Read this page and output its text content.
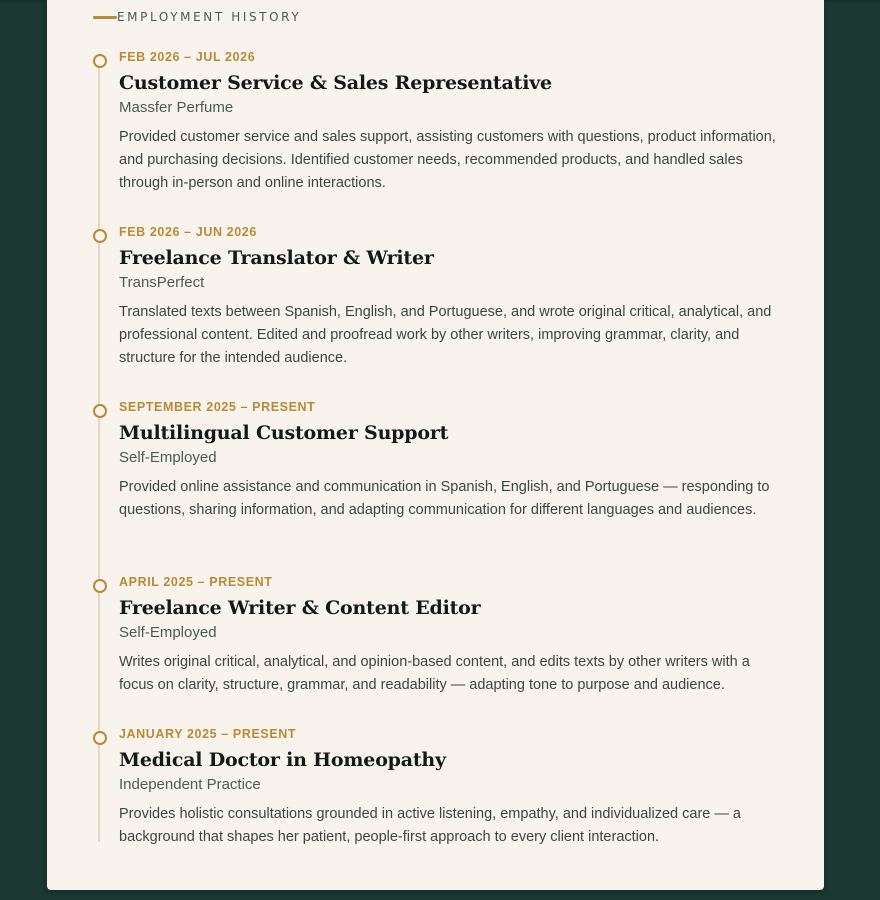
EMPLOYMENT HISTORY
FEB 2026 – JUL 2026
Customer Service & Sales Representative
Massfer Perfume
Provided customer service and sales support, assisting customers with questions, product information, and purchasing decisions. Identified customer needs, recommended products, and handled sales through in-person and online interactions.
FEB 2026 – JUN 2026
Freelance Translator & Writer
TransPerfect
Translated texts between Spanish, English, and Portuguese, and wrote original critical, analytical, and professional content. Edited and proofread work by other writers, improving grammar, clarity, and structure for the intended audience.
SEPTEMBER 2025 – PRESENT
Multilingual Customer Support
Self-Employed
Provided online assistance and communication in Spanish, English, and Portuguese — responding to questions, sharing information, and adapting communication for different languages and audiences.
APRIL 2025 – PRESENT
Freelance Writer & Content Editor
Self-Employed
Writes original critical, analytical, and opinion-based content, and edits texts by other writers with a focus on clarity, structure, grammar, and readability — adapting tone to purpose and audience.
JANUARY 2025 – PRESENT
Medical Doctor in Homeopathy
Independent Practice
Provides holistic consultations grounded in active listening, empathy, and individualized care — a background that shapes her patient, people-first approach to every client interaction.
